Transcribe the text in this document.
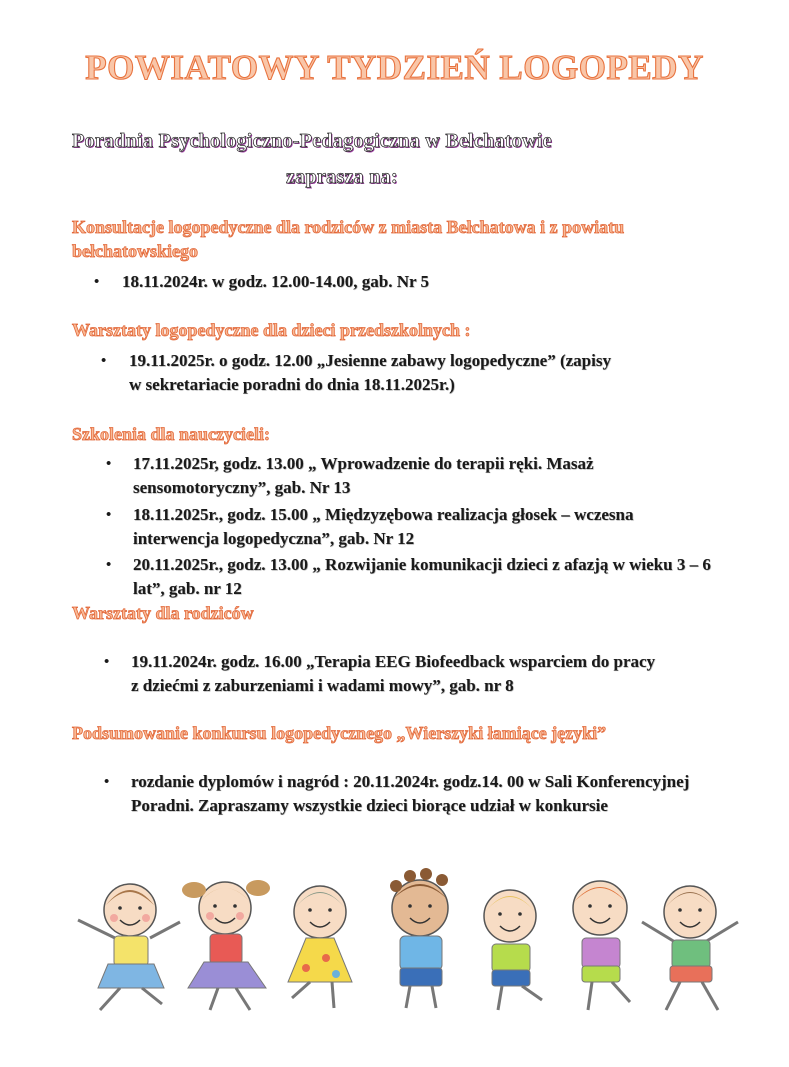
POWIATOWY TYDZIEŃ LOGOPEDY
Poradnia Psychologiczno-Pedagogiczna w Bełchatowie
zaprasza na:
Konsultacje logopedyczne dla rodziców z miasta Bełchatowa i z powiatu
bełchatowskiego
• 18.11.2024r. w godz. 12.00-14.00, gab. Nr 5
Warsztaty logopedyczne dla dzieci przedszkolnych :
• 19.11.2025r. o godz. 12.00 „Jesienne zabawy logopedyczne” (zapisy
w sekretariacie poradni do dnia 18.11.2025r.)
Szkolenia dla nauczycieli:
• 17.11.2025r, godz. 13.00 „ Wprowadzenie do terapii ręki. Masaż
sensomotoryczny”, gab. Nr 13
• 18.11.2025r., godz. 15.00 „ Międzyzębowa realizacja głosek – wczesna
interwencja logopedyczna”, gab. Nr 12
• 20.11.2025r., godz. 13.00 „ Rozwijanie komunikacji dzieci z afazją w wieku 3 – 6
lat”, gab. nr 12
Warsztaty dla rodziców
• 19.11.2024r. godz. 16.00 „Terapia EEG Biofeedback wsparciem do pracy
z dziećmi z zaburzeniami i wadami mowy”, gab. nr 8
Podsumowanie konkursu logopedycznego „Wierszyki łamiące języki”
• rozdanie dyplomów i nagród : 20.11.2024r. godz.14. 00 w Sali Konferencyjnej
Poradni. Zapraszamy wszystkie dzieci biorące udział w konkursie
